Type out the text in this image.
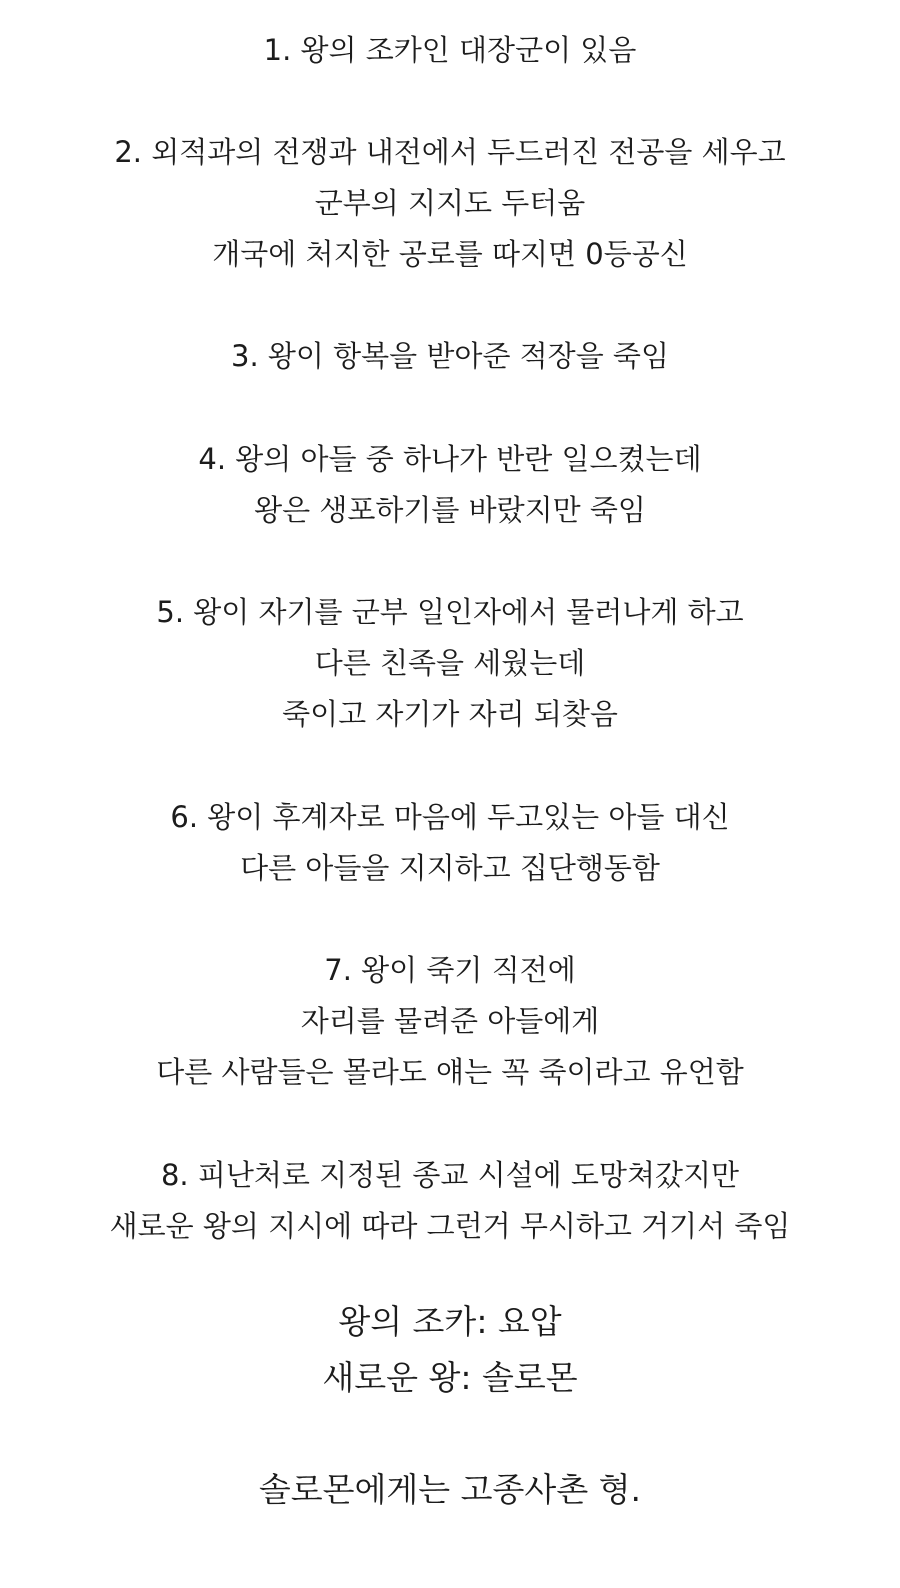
1. 왕의 조카인 대장군이 있음
2. 외적과의 전쟁과 내전에서 두드러진 전공을 세우고
군부의 지지도 두터움
개국에 처지한 공로를 따지면 0등공신
3. 왕이 항복을 받아준 적장을 죽임
4. 왕의 아들 중 하나가 반란 일으켰는데
왕은 생포하기를 바랐지만 죽임
5. 왕이 자기를 군부 일인자에서 물러나게 하고
다른 친족을 세웠는데
죽이고 자기가 자리 되찾음
6. 왕이 후계자로 마음에 두고있는 아들 대신
다른 아들을 지지하고 집단행동함
7. 왕이 죽기 직전에
자리를 물려준 아들에게
다른 사람들은 몰라도 얘는 꼭 죽이라고 유언함
8. 피난처로 지정된 종교 시설에 도망쳐갔지만
새로운 왕의 지시에 따라 그런거 무시하고 거기서 죽임
왕의 조카: 요압
새로운 왕: 솔로몬
솔로몬에게는 고종사촌 형.
